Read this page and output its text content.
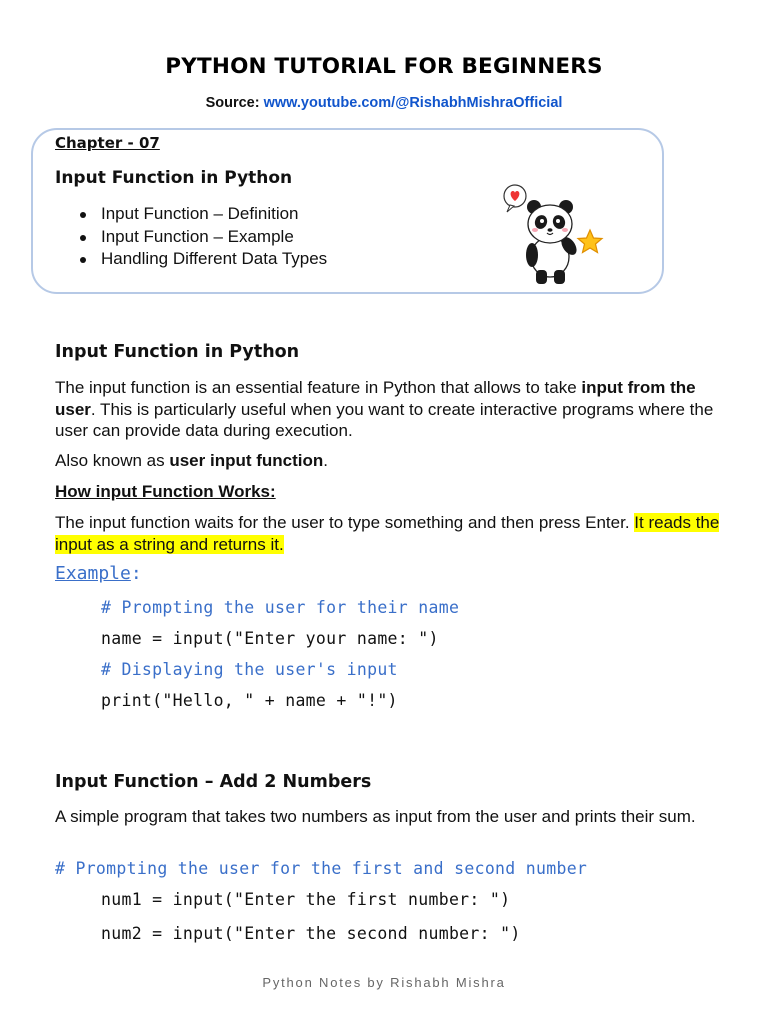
PYTHON TUTORIAL FOR BEGINNERS
Source: www.youtube.com/@RishabhMishraOfficial
Chapter - 07
Input Function in Python
Input Function – Definition
Input Function – Example
Handling Different Data Types
Input Function in Python

The input function is an essential feature in Python that allows to take input from the user. This is particularly useful when you want to create interactive programs where the user can provide data during execution.

Also known as user input function.

How input Function Works:

The input function waits for the user to type something and then press Enter. It reads the input as a string and returns it.

Example:
# Prompting the user for their name
name = input("Enter your name: ")
# Displaying the user's input
print("Hello, " + name + "!")
Input Function – Add 2 Numbers

A simple program that takes two numbers as input from the user and prints their sum.

# Prompting the user for the first and second number
num1 = input("Enter the first number: ")
num2 = input("Enter the second number: ")
Python Notes by Rishabh Mishra
